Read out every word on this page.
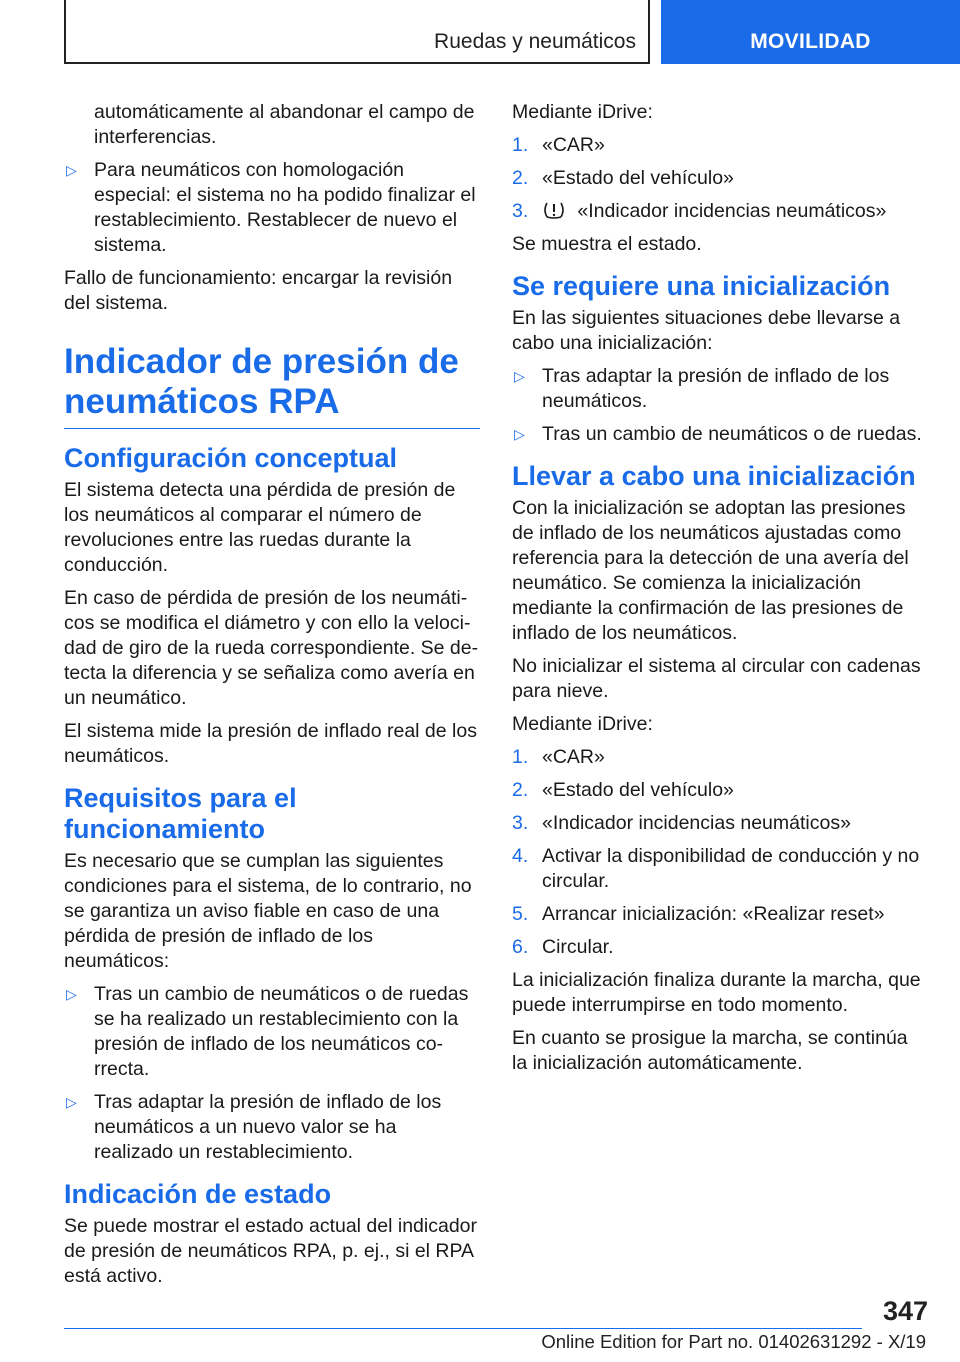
Ruedas y neumáticos	MOVILIDAD

automáticamente al abandonar el campo de interferencias.

▷ Para neumáticos con homologación especial: el sistema no ha podido finalizar el restablecimiento. Restablecer de nuevo el sistema.

Fallo de funcionamiento: encargar la revisión del sistema.

Indicador de presión de neumáticos RPA
Configuración conceptual

El sistema detecta una pérdida de presión de los neumáticos al comparar el número de revoluciones entre las ruedas durante la conducción.

En caso de pérdida de presión de los neumáticos se modifica el diámetro y con ello la velocidad de giro de la rueda correspondiente. Se detecta la diferencia y se señaliza como avería en un neumático.

El sistema mide la presión de inflado real de los neumáticos.

Requisitos para el funcionamiento

Es necesario que se cumplan las siguientes condiciones para el sistema, de lo contrario, no se garantiza un aviso fiable en caso de una pérdida de presión de inflado de los neumáticos:

▷ Tras un cambio de neumáticos o de ruedas se ha realizado un restablecimiento con la presión de inflado de los neumáticos correcta.
▷ Tras adaptar la presión de inflado de los neumáticos a un nuevo valor se ha realizado un restablecimiento.
Indicación de estado

Se puede mostrar el estado actual del indicador de presión de neumáticos RPA, p. ej., si el RPA está activo.

Mediante iDrive:

1. «CAR»
2. «Estado del vehículo»
3.	«Indicador incidencias neumáticos»

Se muestra el estado.

Se requiere una inicialización

En las siguientes situaciones debe llevarse a cabo una inicialización:

▷ Tras adaptar la presión de inflado de los neumáticos.
▷ Tras un cambio de neumáticos o de ruedas.
Llevar a cabo una inicialización

Con la inicialización se adoptan las presiones de inflado de los neumáticos ajustadas como referencia para la detección de una avería del neumático. Se comienza la inicialización mediante la confirmación de las presiones de inflado de los neumáticos.

No inicializar el sistema al circular con cadenas para nieve.

Mediante iDrive:

1. «CAR»
2. «Estado del vehículo»
3. «Indicador incidencias neumáticos»
4. Activar la disponibilidad de conducción y no circular.
5. Arrancar inicialización: «Realizar reset»
6. Circular.

La inicialización finaliza durante la marcha, que puede interrumpirse en todo momento.

En cuanto se prosigue la marcha, se continúa la inicialización automáticamente.

347
Online Edition for Part no. 01402631292 - X/19
